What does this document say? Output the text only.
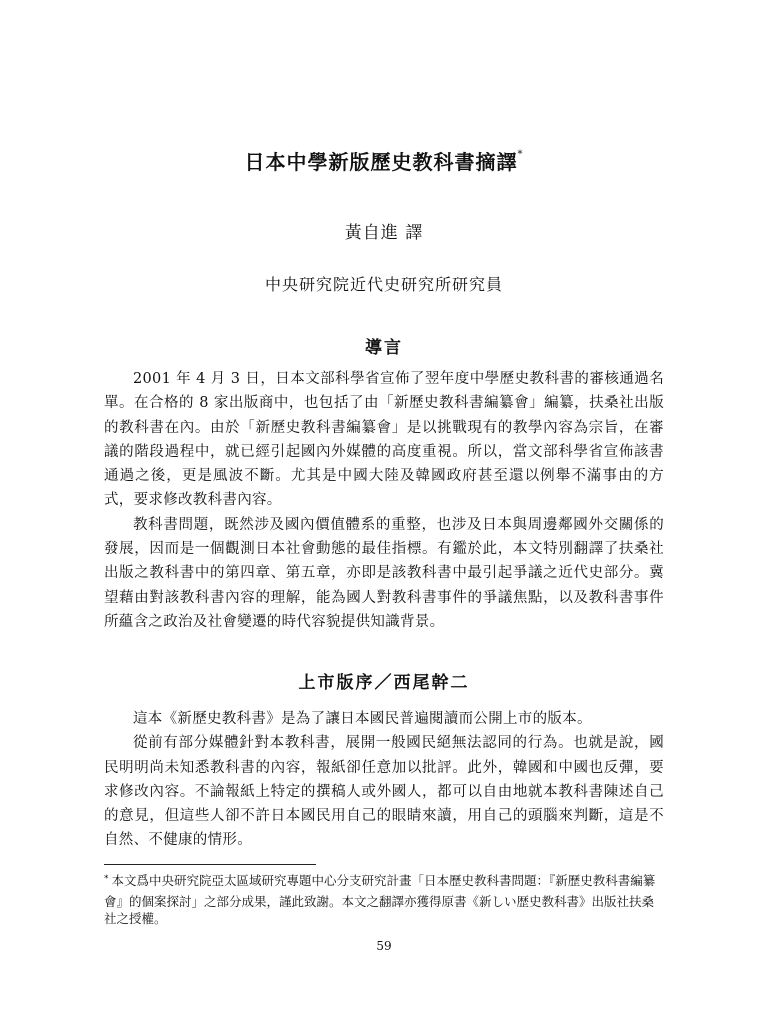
日本中學新版歷史教科書摘譯*
黃自進 譯
中央研究院近代史研究所研究員
導言

2001 年 4 月 3 日，日本文部科學省宣佈了翌年度中學歷史教科書的審核通過名單。在合格的 8 家出版商中，也包括了由「新歷史教科書編纂會」編纂，扶桑社出版的教科書在內。由於「新歷史教科書編纂會」是以挑戰現有的教學內容為宗旨，在審議的階段過程中，就已經引起國內外媒體的高度重視。所以，當文部科學省宣佈該書通過之後，更是風波不斷。尤其是中國大陸及韓國政府甚至還以例舉不滿事由的方式，要求修改教科書內容。

教科書問題，既然涉及國內價值體系的重整，也涉及日本與周邊鄰國外交關係的發展，因而是一個觀測日本社會動態的最佳指標。有鑑於此，本文特別翻譯了扶桑社出版之教科書中的第四章、第五章，亦即是該教科書中最引起爭議之近代史部分。冀望藉由對該教科書內容的理解，能為國人對教科書事件的爭議焦點，以及教科書事件所蘊含之政治及社會變遷的時代容貌提供知識背景。

上市版序／西尾幹二

這本《新歷史教科書》是為了讓日本國民普遍閱讀而公開上市的版本。

從前有部分媒體針對本教科書，展開一般國民絕無法認同的行為。也就是說，國民明明尚未知悉教科書的內容，報紙卻任意加以批評。此外，韓國和中國也反彈，要求修改內容。不論報紙上特定的撰稿人或外國人，都可以自由地就本教科書陳述自己的意見，但這些人卻不許日本國民用自己的眼睛來讀，用自己的頭腦來判斷，這是不自然、不健康的情形。

* 本文爲中央研究院亞太區域研究專題中心分支研究計畫「日本歷史教科書問題：『新歷史教科書編纂會』的個案探討」之部分成果，謹此致謝。本文之翻譯亦獲得原書《新しい歴史教科書》出版社扶桑社之授權。
59
